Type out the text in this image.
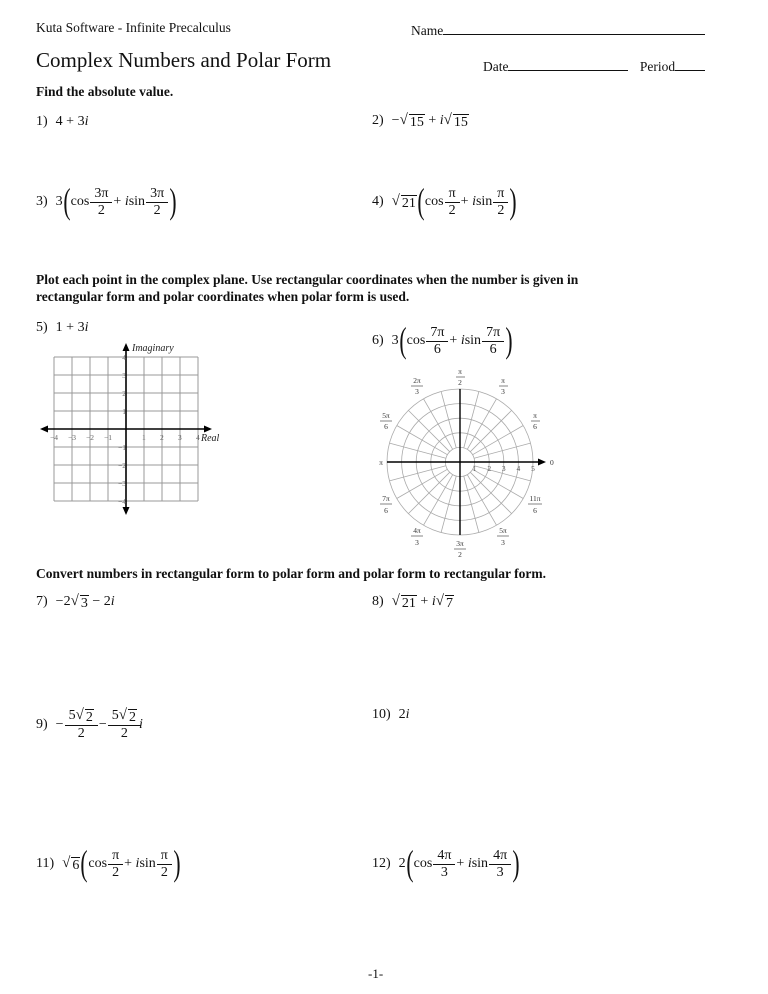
Kuta Software - Infinite Precalculus	Name
Complex Numbers and Polar Form	Date	Period
Find the absolute value.
1) 4
+
3 i	2) − √ 15
+
i √ 15
3) 3 ( $\cos \frac{3\pi}{2}$ +
i $\sin \frac{3\pi}{2}$ )	4) √ 21 ( $\cos \frac{\pi}{2}$ +
i $\sin \frac{\pi}{2}$ )
Plot each point in the complex plane. Use rectangular coordinates when the number is given in
rectangular form and polar coordinates when polar form is used.
5) 1
+
3 i
−4 −3 −2 −1	1 2 3 4
4
3
2
1
−1
−2
−3
−4
Real
Imaginary
1 2 3 4 5
0
π
π
6
π
3
π
2
2π
3
5π
6
7π
6
4π
3	3π
2
5π
3
11π
6
6) 3 ( $\cos \frac{7\pi}{6}$ +
i $\sin \frac{7\pi}{6}$ )
Convert numbers in rectangular form to polar form and polar form to rectangular form.
7) − 2 √ 3
−
2 i	8) √ 21
+
i √ 7
$9) - \frac{5 √ 2}{2} - \frac{5 √ 2}{2}$ i
10) 2 i
11) √ 6 ( $\cos \frac{\pi}{2}$ +
i $\sin \frac{\pi}{2}$ )	12) 2 ( $\cos \frac{4\pi}{3}$ +
i $\sin \frac{4\pi}{3}$ )
-1-
